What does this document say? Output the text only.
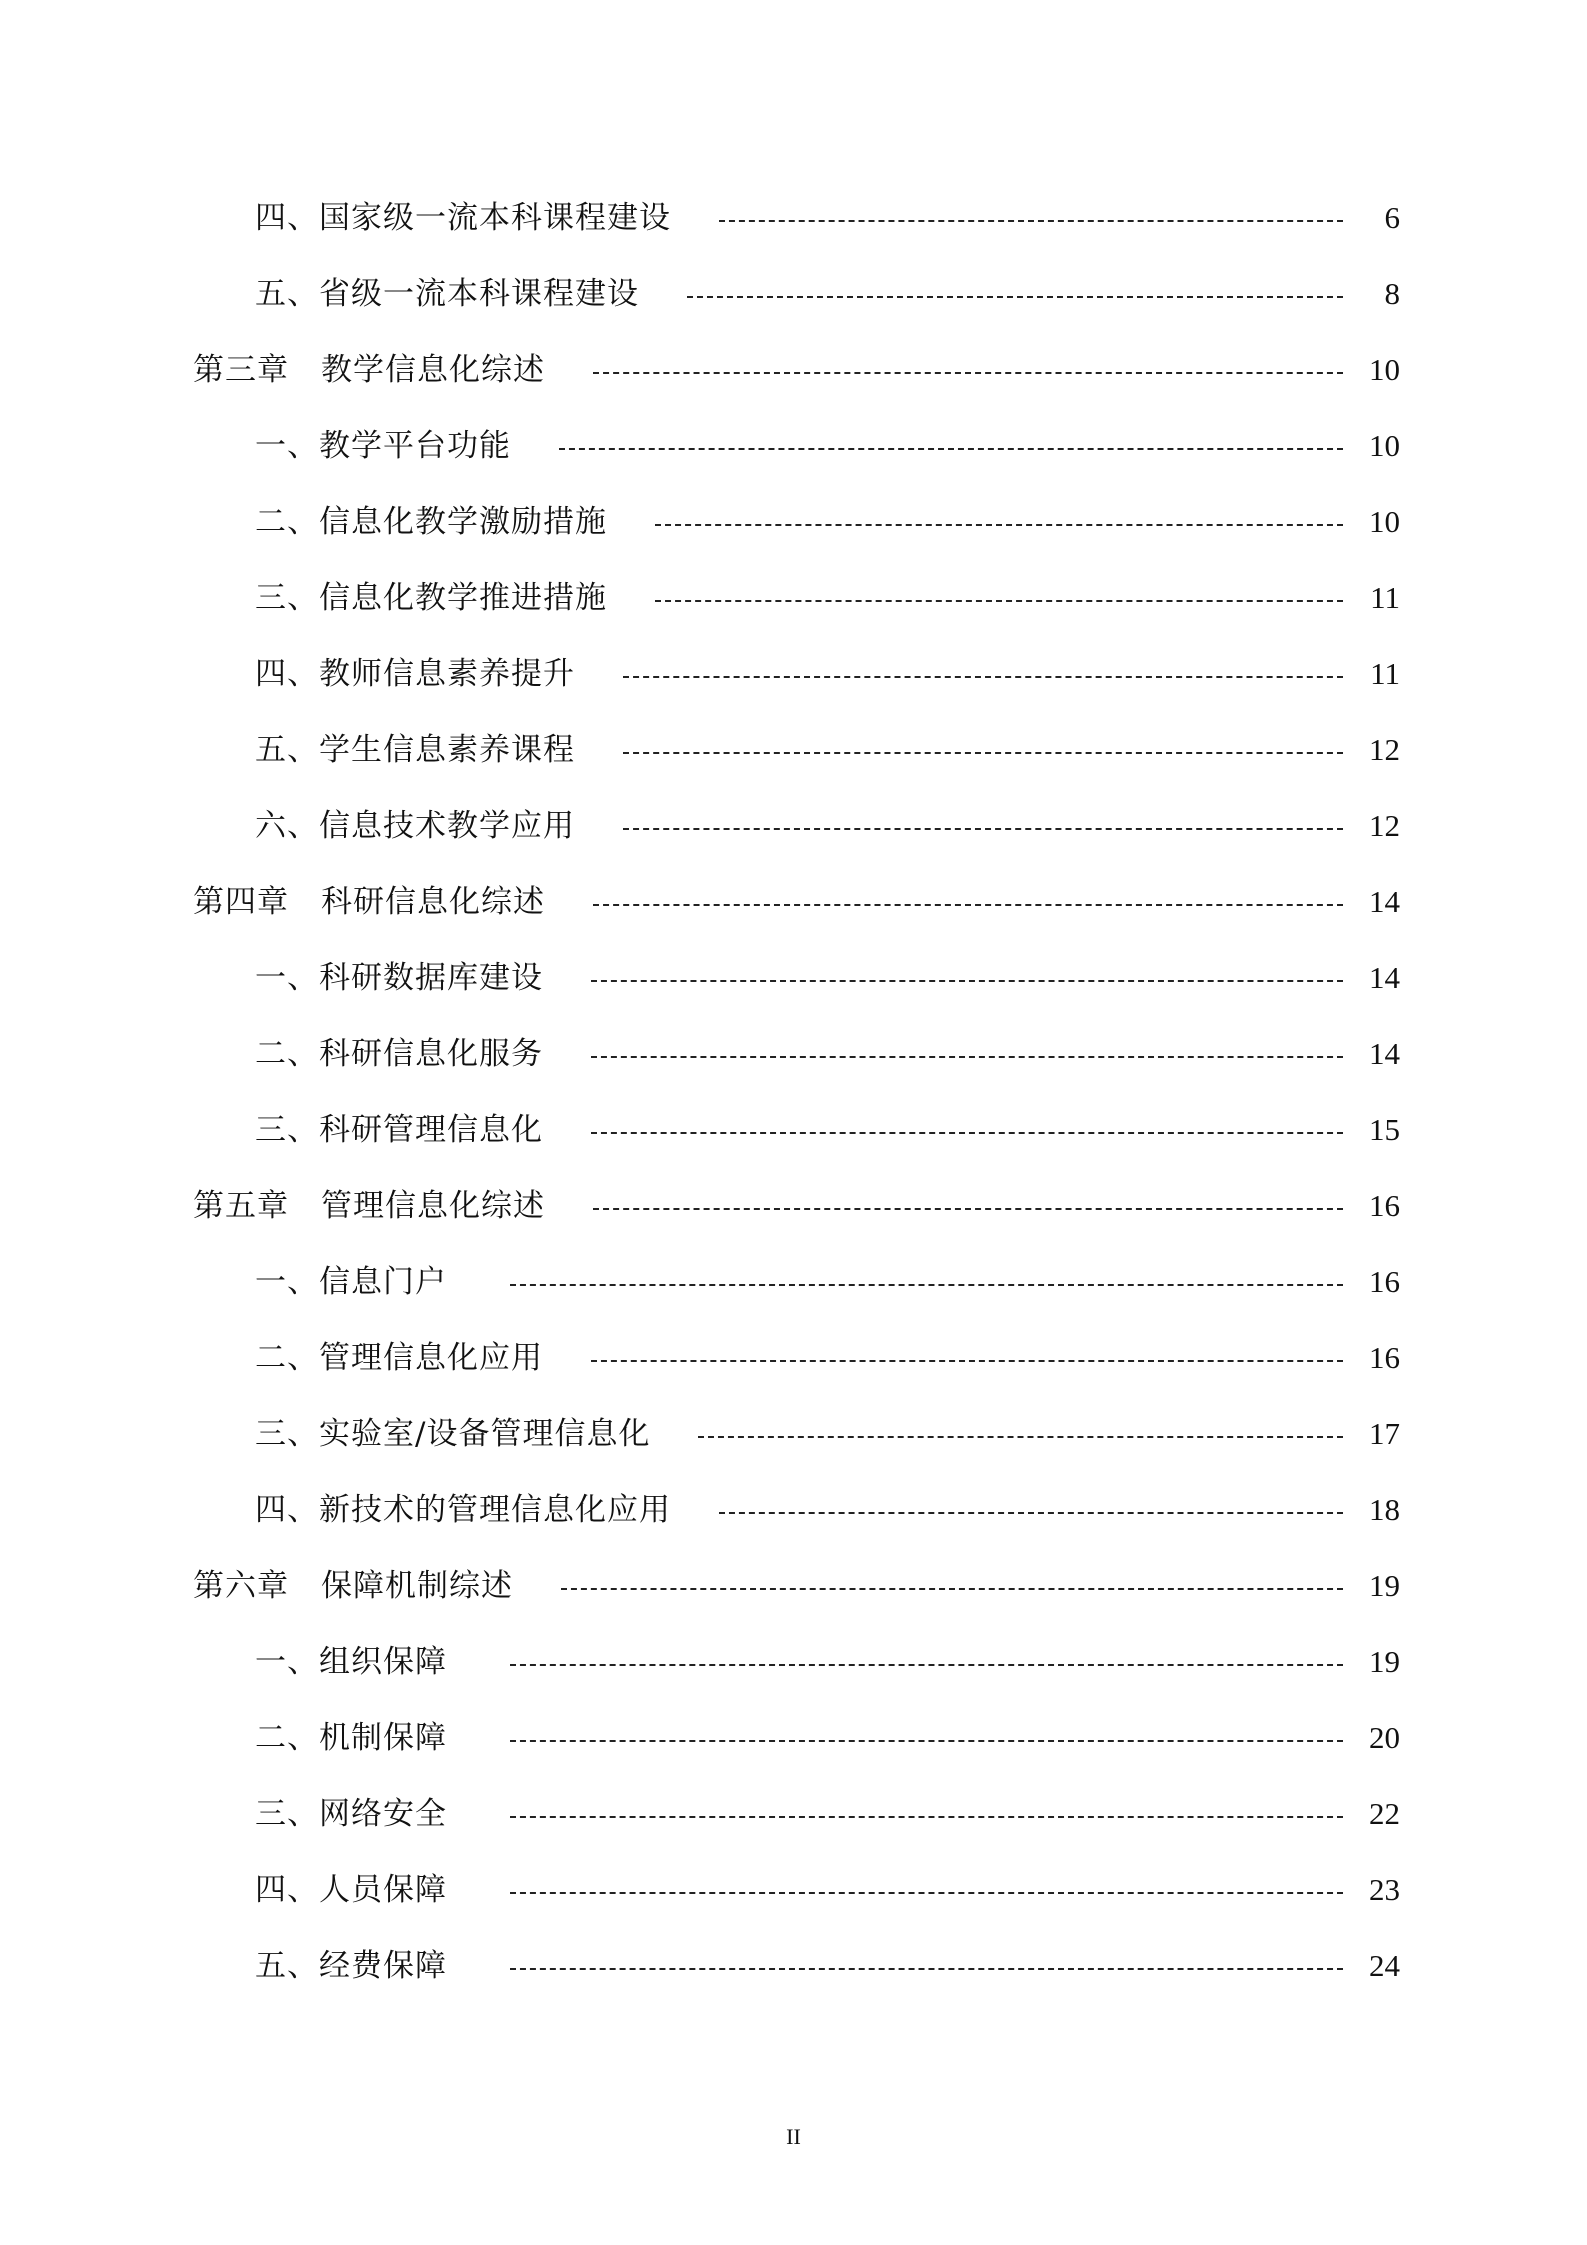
四、国家级一流本科课程建设	6
五、省级一流本科课程建设	8
第三章　教学信息化综述	10
一、教学平台功能	10
二、信息化教学激励措施	10
三、信息化教学推进措施	11
四、教师信息素养提升	11
五、学生信息素养课程	12
六、信息技术教学应用	12
第四章　科研信息化综述	14
一、科研数据库建设	14
二、科研信息化服务	14
三、科研管理信息化	15
第五章　管理信息化综述	16
一、信息门户	16
二、管理信息化应用	16
三、实验室/设备管理信息化	17
四、新技术的管理信息化应用	18
第六章　保障机制综述	19
一、组织保障	19
二、机制保障	20
三、网络安全	22
四、人员保障	23
五、经费保障	24
II
